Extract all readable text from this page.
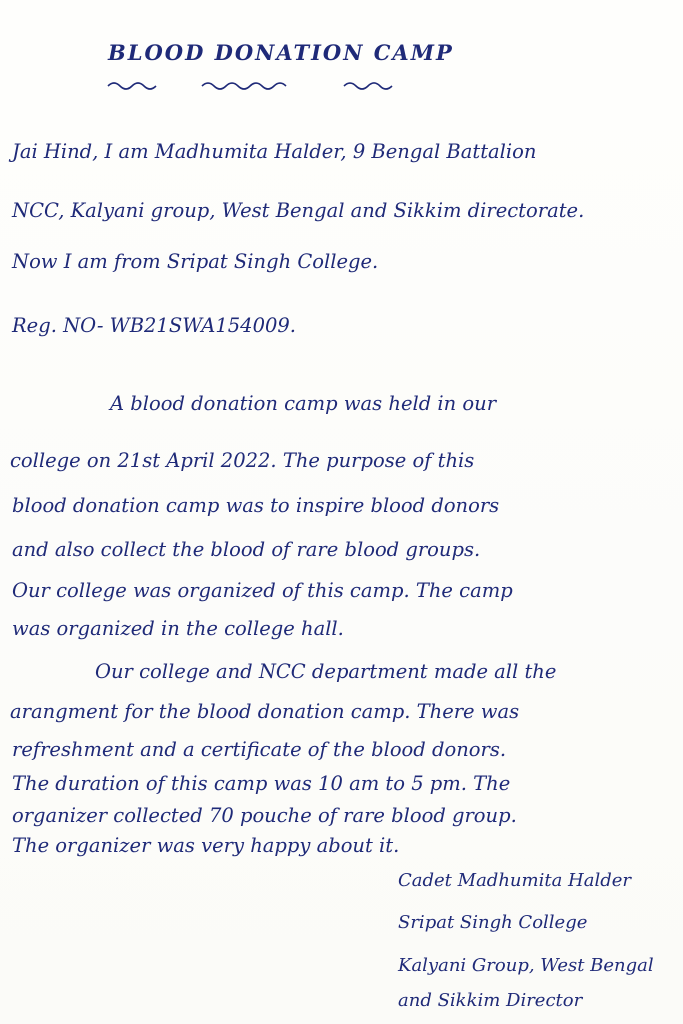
BLOOD DONATION CAMP

Jai Hind, I am Madhumita Halder, 9 Bengal Battalion

NCC, Kalyani group, West Bengal and Sikkim directorate.

Now I am from Sripat Singh College.

Reg. NO- WB21SWA154009.

A blood donation camp was held in our

college on 21st April 2022. The purpose of this

blood donation camp was to inspire blood donors

and also collect the blood of rare blood groups.

Our college was organized of this camp. The camp

was organized in the college hall.

Our college and NCC department made all the

arangment for the blood donation camp. There was

refreshment and a certificate of the blood donors.

The duration of this camp was 10 am to 5 pm. The

organizer collected 70 pouche of rare blood group.

The organizer was very happy about it.

Cadet Madhumita Halder

Sripat Singh College

Kalyani Group, West Bengal

and Sikkim Director
